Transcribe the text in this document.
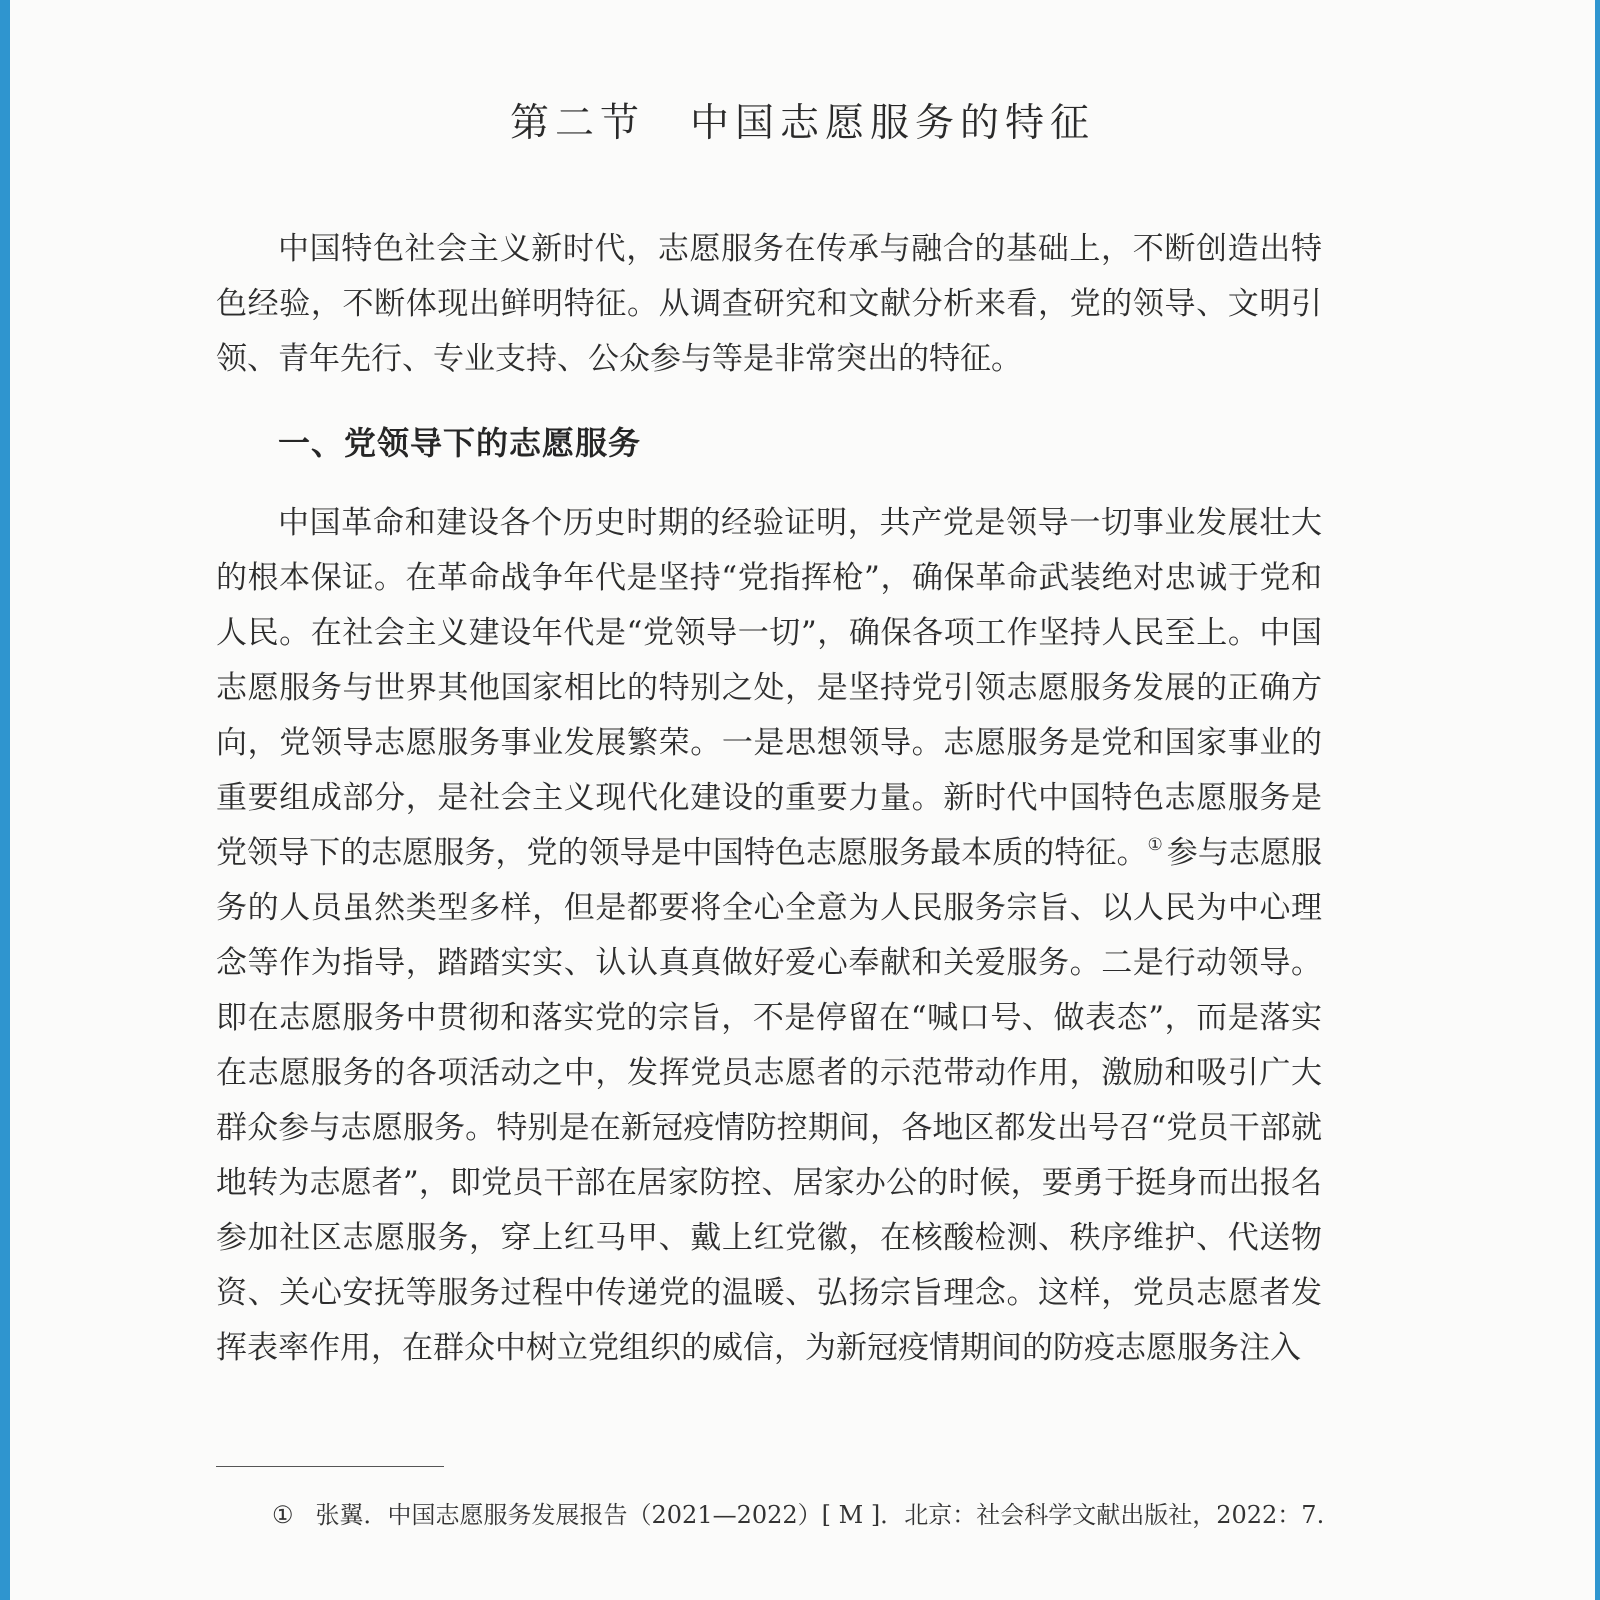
第二节　中国志愿服务的特征

中国特色社会主义新时代，志愿服务在传承与融合的基础上，不断创造出特色经验，不断体现出鲜明特征。从调查研究和文献分析来看，党的领导、文明引领、青年先行、专业支持、公众参与等是非常突出的特征。

一、党领导下的志愿服务

中国革命和建设各个历史时期的经验证明，共产党是领导一切事业发展壮大的根本保证。在革命战争年代是坚持“党指挥枪”，确保革命武装绝对忠诚于党和人民。在社会主义建设年代是“党领导一切”，确保各项工作坚持人民至上。中国志愿服务与世界其他国家相比的特别之处，是坚持党引领志愿服务发展的正确方向，党领导志愿服务事业发展繁荣。一是思想领导。志愿服务是党和国家事业的重要组成部分，是社会主义现代化建设的重要力量。新时代中国特色志愿服务是党领导下的志愿服务，党的领导是中国特色志愿服务最本质的特征。① 参与志愿服务的人员虽然类型多样，但是都要将全心全意为人民服务宗旨、以人民为中心理念等作为指导，踏踏实实、认认真真做好爱心奉献和关爱服务。二是行动领导。即在志愿服务中贯彻和落实党的宗旨，不是停留在“喊口号、做表态”，而是落实在志愿服务的各项活动之中，发挥党员志愿者的示范带动作用，激励和吸引广大群众参与志愿服务。特别是在新冠疫情防控期间，各地区都发出号召“党员干部就地转为志愿者”，即党员干部在居家防控、居家办公的时候，要勇于挺身而出报名参加社区志愿服务，穿上红马甲、戴上红党徽，在核酸检测、秩序维护、代送物资、关心安抚等服务过程中传递党的温暖、弘扬宗旨理念。这样，党员志愿者发挥表率作用，在群众中树立党组织的威信，为新冠疫情期间的防疫志愿服务注入

① 张翼．中国志愿服务发展报告（2021—2022）[ M ]．北京：社会科学文献出版社，2022：7.
